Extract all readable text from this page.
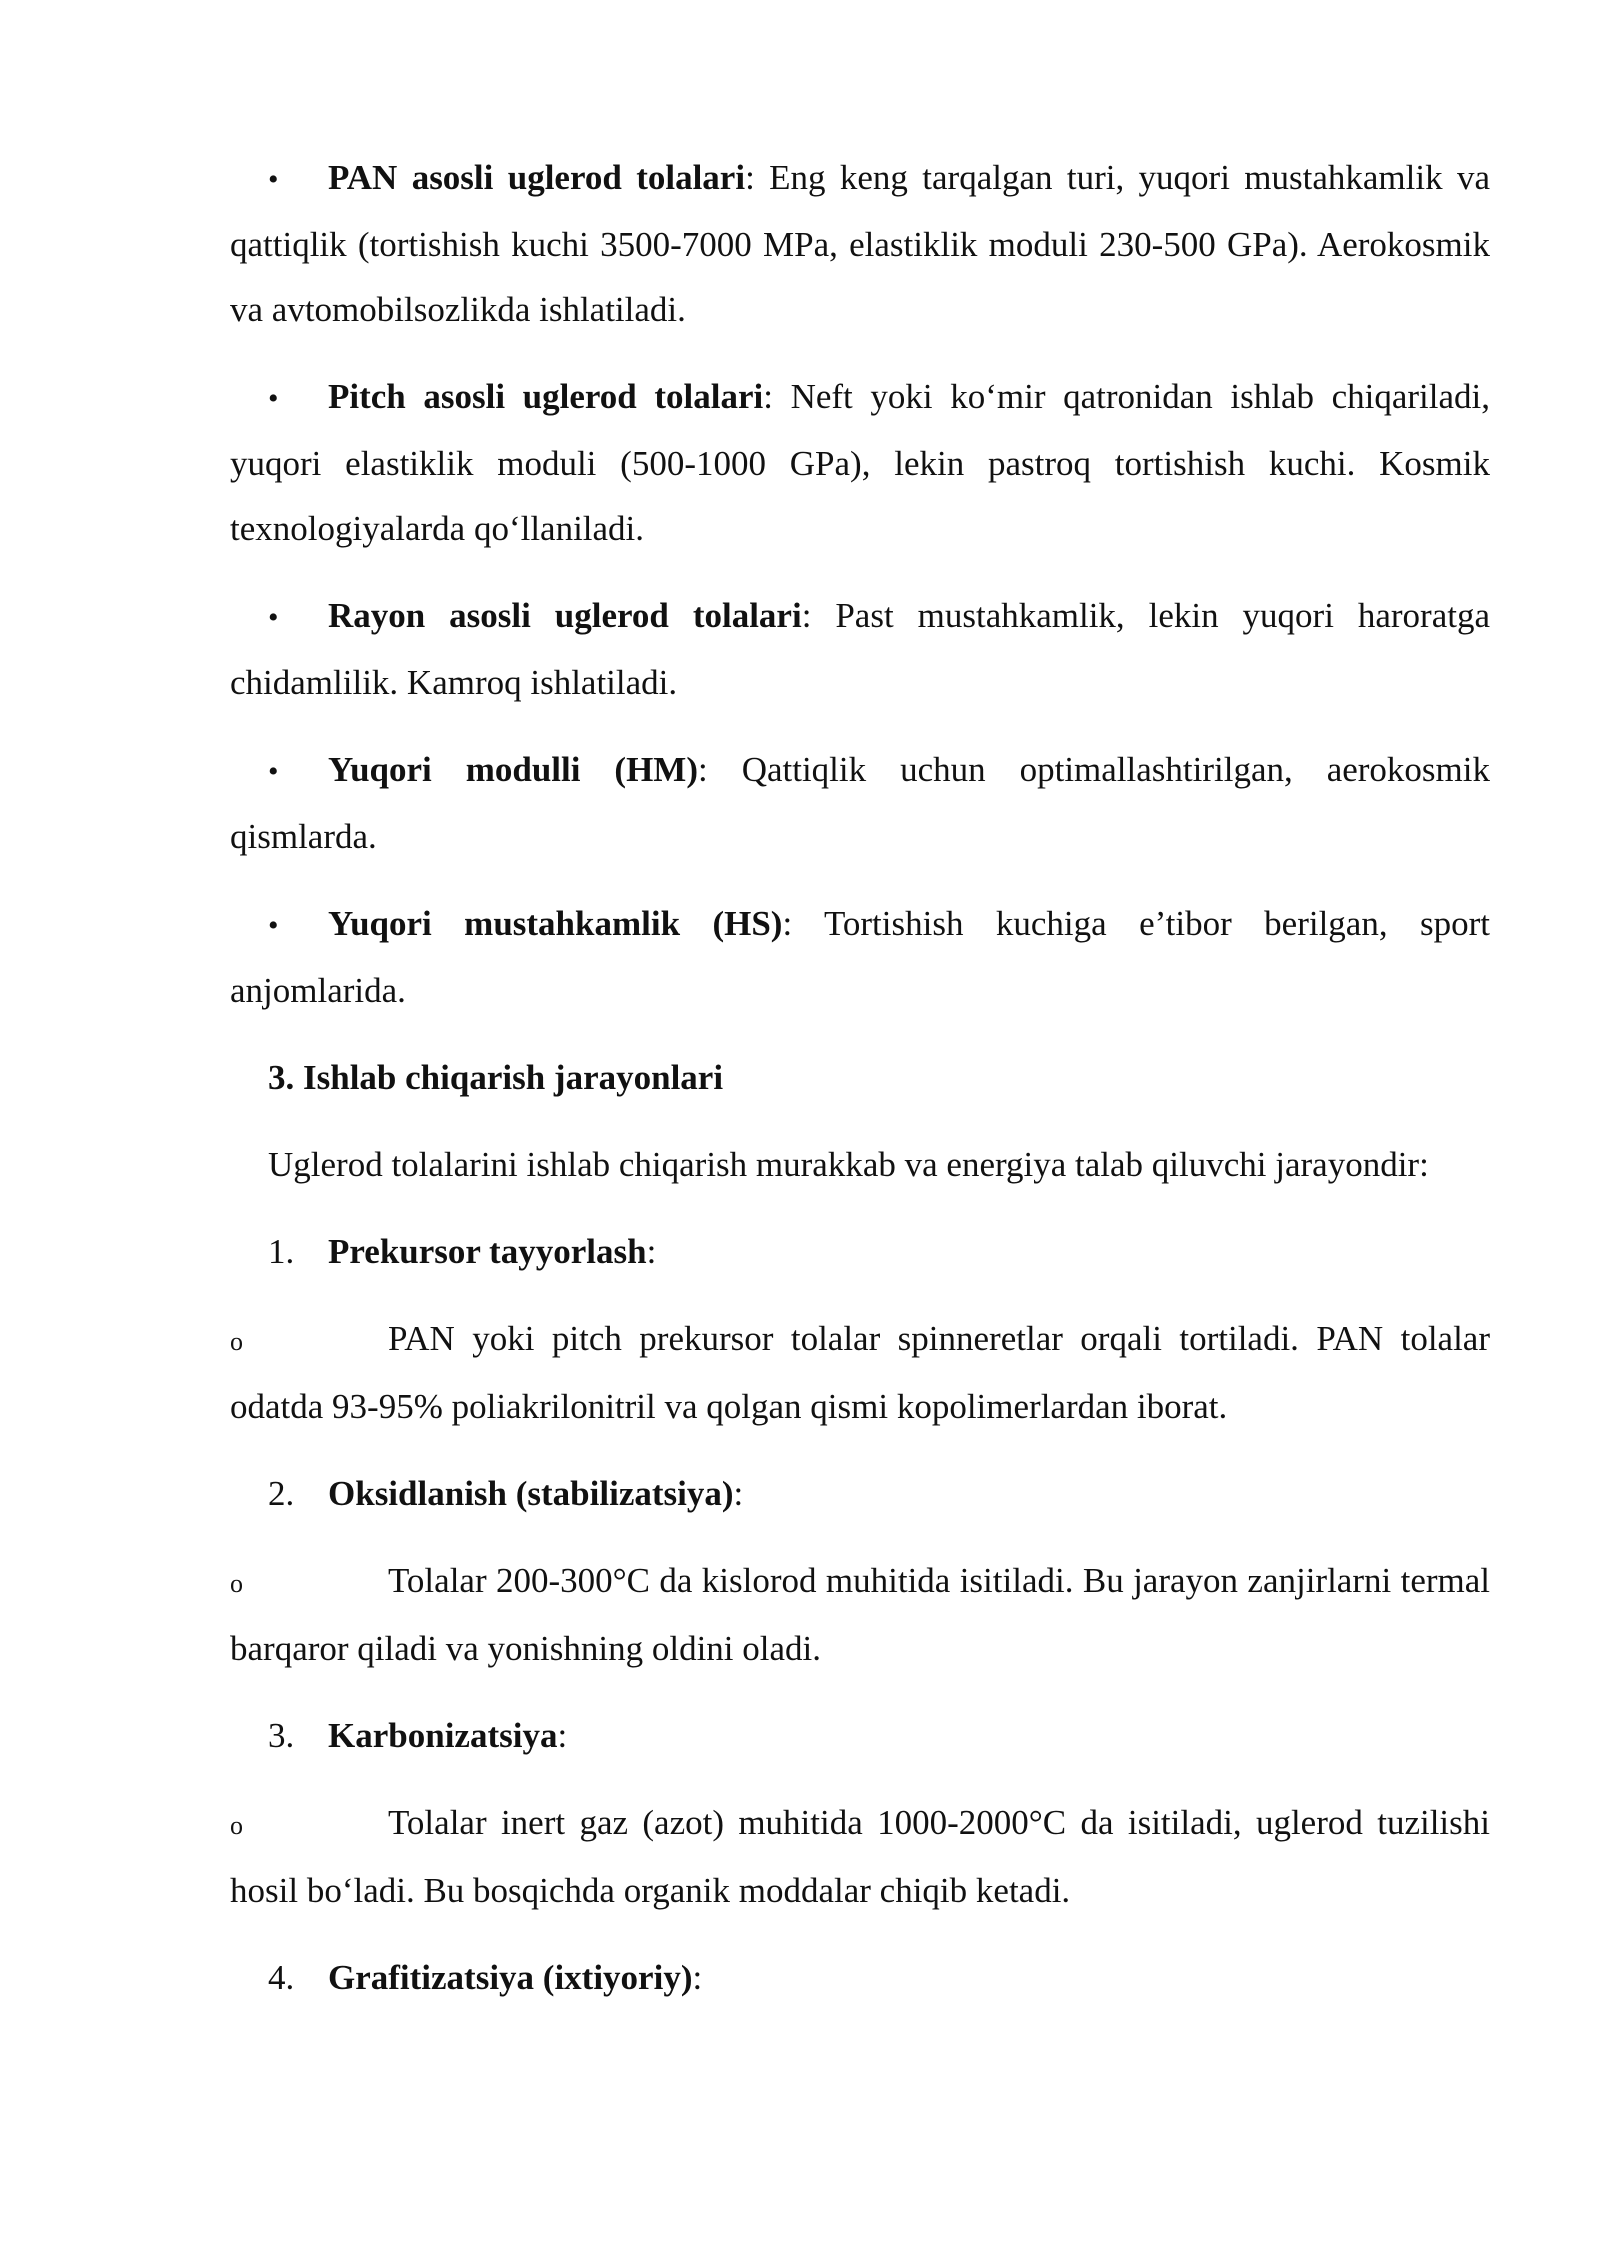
• PAN asosli uglerod tolalari: Eng keng tarqalgan turi, yuqori mustahkamlik va qattiqlik (tortishish kuchi 3500-7000 MPa, elastiklik moduli 230-500 GPa). Aerokosmik va avtomobilsozlikda ishlatiladi.

• Pitch asosli uglerod tolalari: Neft yoki ko‘mir qatronidan ishlab chiqariladi, yuqori elastiklik moduli (500-1000 GPa), lekin pastroq tortishish kuchi. Kosmik texnologiyalarda qo‘llaniladi.

• Rayon asosli uglerod tolalari: Past mustahkamlik, lekin yuqori haroratga chidamlilik. Kamroq ishlatiladi.

• Yuqori modulli (HM): Qattiqlik uchun optimallashtirilgan, aerokosmik qismlarda.

• Yuqori mustahkamlik (HS): Tortishish kuchiga e’tibor berilgan, sport anjomlarida.

3. Ishlab chiqarish jarayonlari

Uglerod tolalarini ishlab chiqarish murakkab va energiya talab qiluvchi jarayondir:

1. Prekursor tayyorlash:

o	PAN yoki pitch prekursor tolalar spinneretlar orqali tortiladi. PAN tolalar odatda 93-95% poliakrilonitril va qolgan qismi kopolimerlardan iborat.

2. Oksidlanish (stabilizatsiya):

o	Tolalar 200-300°C da kislorod muhitida isitiladi. Bu jarayon zanjirlarni termal barqaror qiladi va yonishning oldini oladi.

3. Karbonizatsiya:

o	Tolalar inert gaz (azot) muhitida 1000-2000°C da isitiladi, uglerod tuzilishi hosil bo‘ladi. Bu bosqichda organik moddalar chiqib ketadi.

4. Grafitizatsiya (ixtiyoriy):
